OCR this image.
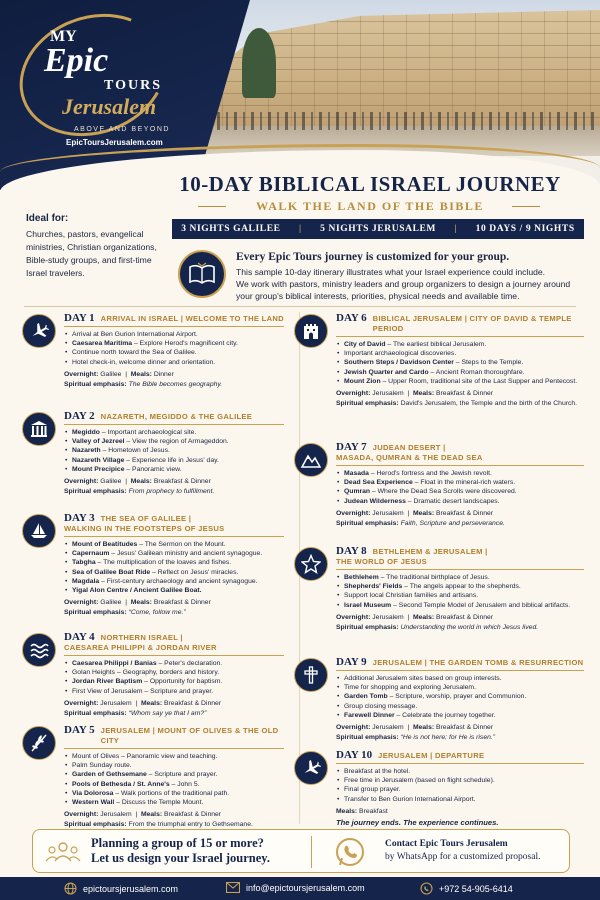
MY
Epic
TOURS
Jerusalem
ABOVE AND BEYOND
EpicToursJerusalem.com
10-DAY BIBLICAL ISRAEL JOURNEY
WALK THE LAND OF THE BIBLE
3 NIGHTS GALILEE | 5 NIGHTS JERUSALEM | 10 DAYS / 9 NIGHTS
Ideal for:

Churches, pastors, evangelical ministries, Christian organizations, Bible-study groups, and first-time Israel travelers.

Every Epic Tours journey is customized for your group.

This sample 10-day itinerary illustrates what your Israel experience could include.

We work with pastors, ministry leaders and group organizers to design a journey around your group's biblical interests, priorities, physical needs and available time.

DAY 1 ARRIVAL IN ISRAEL | WELCOME TO THE LAND
• Arrival at Ben Gurion International Airport.
• Caesarea Maritima – Explore Herod's magnificent city.
• Continue north toward the Sea of Galilee.
• Hotel check-in, welcome dinner and orientation.
Overnight: Galilee  |  Meals: Dinner
Spiritual emphasis: The Bible becomes geography.
DAY 2 NAZARETH, MEGIDDO & THE GALILEE
• Megiddo – Important archaeological site.
• Valley of Jezreel – View the region of Armageddon.
• Nazareth – Hometown of Jesus.
• Nazareth Village – Experience life in Jesus' day.
• Mount Precipice – Panoramic view.
Overnight: Galilee  |  Meals: Breakfast & Dinner
Spiritual emphasis: From prophecy to fulfillment.
DAY 3 THE SEA OF GALILEE |
WALKING IN THE FOOTSTEPS OF JESUS
• Mount of Beatitudes – The Sermon on the Mount.
• Capernaum – Jesus' Galilean ministry and ancient synagogue.
• Tabgha – The multiplication of the loaves and fishes.
• Sea of Galilee Boat Ride – Reflect on Jesus' miracles.
• Magdala – First-century archaeology and ancient synagogue.
• Yigal Alon Centre / Ancient Galilee Boat.
Overnight: Galilee  |  Meals: Breakfast & Dinner
Spiritual emphasis: “Come, follow me.”
DAY 4 NORTHERN ISRAEL |
CAESAREA PHILIPPI & JORDAN RIVER
• Caesarea Philippi / Banias – Peter's declaration.
• Golan Heights – Geography, borders and history.
• Jordan River Baptism – Opportunity for baptism.
• First View of Jerusalem – Scripture and prayer.
Overnight: Jerusalem  |  Meals: Breakfast & Dinner
Spiritual emphasis: “Whom say ye that I am?”
DAY 5 JERUSALEM | MOUNT OF OLIVES & THE OLD CITY
• Mount of Olives – Panoramic view and teaching.
• Palm Sunday route.
• Garden of Gethsemane – Scripture and prayer.
• Pools of Bethesda / St. Anne's – John 5.
• Via Dolorosa – Walk portions of the traditional path.
• Western Wall – Discuss the Temple Mount.
Overnight: Jerusalem  |  Meals: Breakfast & Dinner
Spiritual emphasis: From the triumphal entry to Gethsemane.
DAY 6 BIBLICAL JERUSALEM | CITY OF DAVID & TEMPLE PERIOD
• City of David – The earliest biblical Jerusalem.
• Important archaeological discoveries.
• Southern Steps / Davidson Center – Steps to the Temple.
• Jewish Quarter and Cardo – Ancient Roman thoroughfare.
• Mount Zion – Upper Room, traditional site of the Last Supper and Pentecost.
Overnight: Jerusalem  |  Meals: Breakfast & Dinner
Spiritual emphasis: David's Jerusalem, the Temple and the birth of the Church.
DAY 7 JUDEAN DESERT |
MASADA, QUMRAN & THE DEAD SEA
• Masada – Herod's fortress and the Jewish revolt.
• Dead Sea Experience – Float in the mineral-rich waters.
• Qumran – Where the Dead Sea Scrolls were discovered.
• Judean Wilderness – Dramatic desert landscapes.
Overnight: Jerusalem  |  Meals: Breakfast & Dinner
Spiritual emphasis: Faith, Scripture and perseverance.
DAY 8 BETHLEHEM & JERUSALEM |
THE WORLD OF JESUS
• Bethlehem – The traditional birthplace of Jesus.
• Shepherds' Fields – The angels appear to the shepherds.
• Support local Christian families and artisans.
• Israel Museum – Second Temple Model of Jerusalem and biblical artifacts.
Overnight: Jerusalem  |  Meals: Breakfast & Dinner
Spiritual emphasis: Understanding the world in which Jesus lived.
DAY 9 JERUSALEM | THE GARDEN TOMB & RESURRECTION
• Additional Jerusalem sites based on group interests.
• Time for shopping and exploring Jerusalem.
• Garden Tomb – Scripture, worship, prayer and Communion.
• Group closing message.
• Farewell Dinner – Celebrate the journey together.
Overnight: Jerusalem  |  Meals: Breakfast & Dinner
Spiritual emphasis: “He is not here; for He is risen.”
DAY 10 JERUSALEM | DEPARTURE
• Breakfast at the hotel.
• Free time in Jerusalem (based on flight schedule).
• Final group prayer.
• Transfer to Ben Gurion International Airport.
Meals: Breakfast
The journey ends. The experience continues.
Planning a group of 15 or more?
Let us design your Israel journey.
Contact Epic Tours Jerusalem
by WhatsApp for a customized proposal.
epictoursjerusalem.com	info@epictoursjerusalem.com	+972 54-905-6414
